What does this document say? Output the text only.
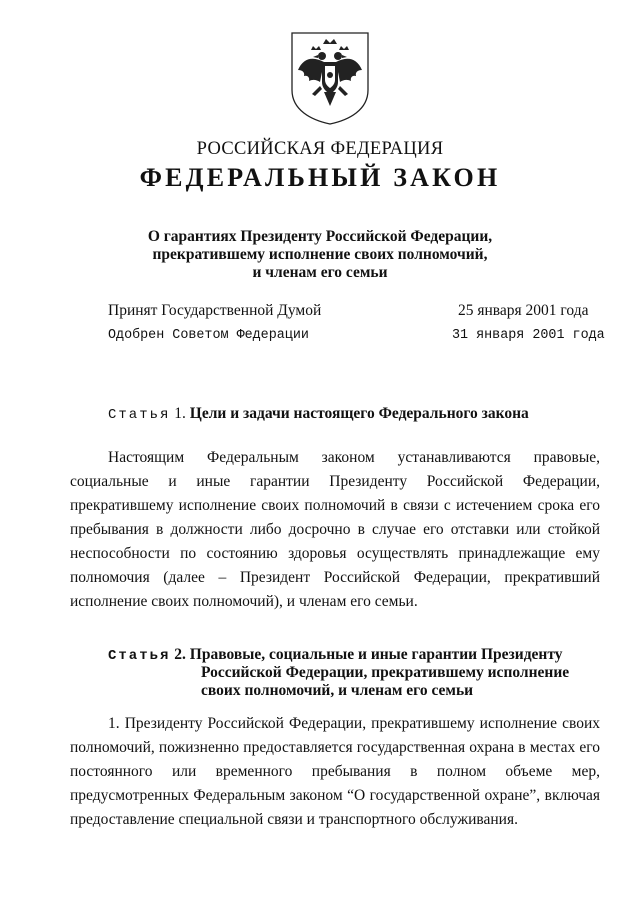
РОССИЙСКАЯ ФЕДЕРАЦИЯ
ФЕДЕРАЛЬНЫЙ ЗАКОН
О гарантиях Президенту Российской Федерации,
прекратившему исполнение своих полномочий,
и членам его семьи
Принят Государственной Думой	25 января 2001 года
Одобрен Советом Федерации	31 января 2001 года
Статья 1. Цели и задачи настоящего Федерального закона

Настоящим Федеральным законом устанавливаются правовые, социальные и иные гарантии Президенту Российской Федерации, прекратившему исполнение своих полномочий в связи с истечением срока его пребывания в должности либо досрочно в случае его отставки или стойкой неспособности по состоянию здоровья осуществлять принадлежащие ему полномочия (далее – Президент Российской Федерации, прекративший исполнение своих полномочий), и членам его семьи.

Статья 2. Правовые, социальные и иные гарантии Президенту
Российской Федерации, прекратившему исполнение
своих полномочий, и членам его семьи

1. Президенту Российской Федерации, прекратившему исполнение своих полномочий, пожизненно предоставляется государственная охрана в местах его постоянного или временного пребывания в полном объеме мер, предусмотренных Федеральным законом “О государственной охране”, включая предоставление специальной связи и транспортного обслуживания.
